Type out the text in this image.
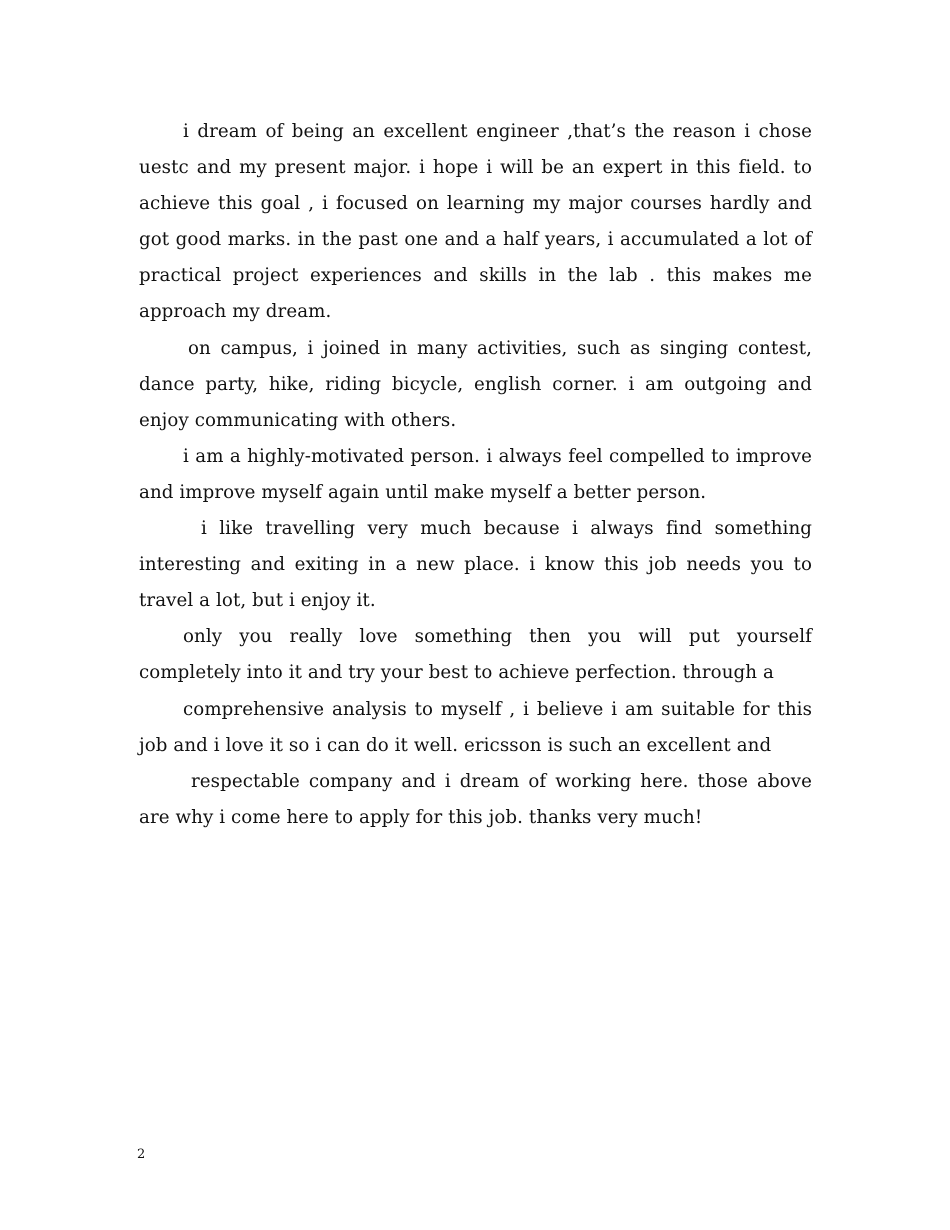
i dream of being an excellent engineer ,that’s the reason i chose uestc and my present major. i hope i will be an expert in this field. to achieve this goal , i focused on learning my major courses hardly and got good marks. in the past one and a half years, i accumulated a lot of practical project experiences and skills in the lab . this makes me approach my dream.

on campus, i joined in many activities, such as singing contest, dance party, hike, riding bicycle, english corner. i am outgoing and enjoy communicating with others.

i am a highly-motivated person. i always feel compelled to improve and improve myself again until make myself a better person.

i like travelling very much because i always find something interesting and exiting in a new place. i know this job needs you to travel a lot, but i enjoy it.

only you really love something then you will put yourself completely into it and try your best to achieve perfection. through a

comprehensive analysis to myself , i believe i am suitable for this job and i love it so i can do it well. ericsson is such an excellent and

respectable company and i dream of working here. those above are why i come here to apply for this job. thanks very much!

2
